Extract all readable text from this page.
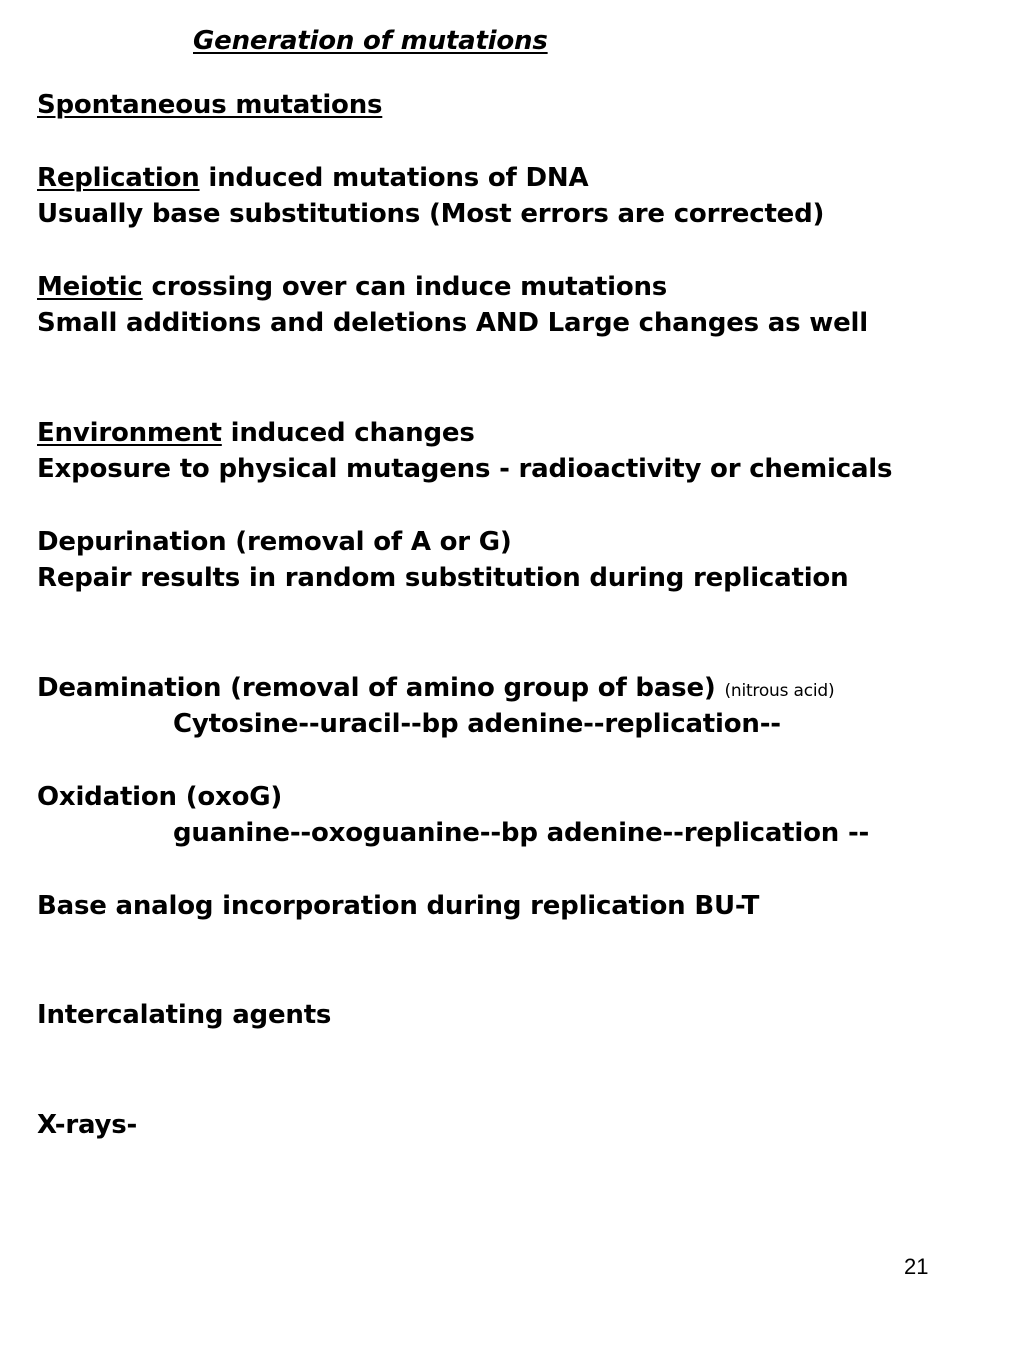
Generation of mutations
Spontaneous mutations
Replication induced mutations of DNA
Usually base substitutions (Most errors are corrected)
Meiotic crossing over can induce mutations
Small additions and deletions AND Large changes as well
Environment induced changes
Exposure to physical mutagens - radioactivity or chemicals
Depurination (removal of A or G)
Repair results in random substitution during replication
Deamination (removal of amino group of base) (nitrous acid)
Cytosine--uracil--bp adenine--replication--
Oxidation (oxoG)
guanine--oxoguanine--bp adenine--replication --
Base analog incorporation during replication BU-T
Intercalating agents
X-rays-
21
